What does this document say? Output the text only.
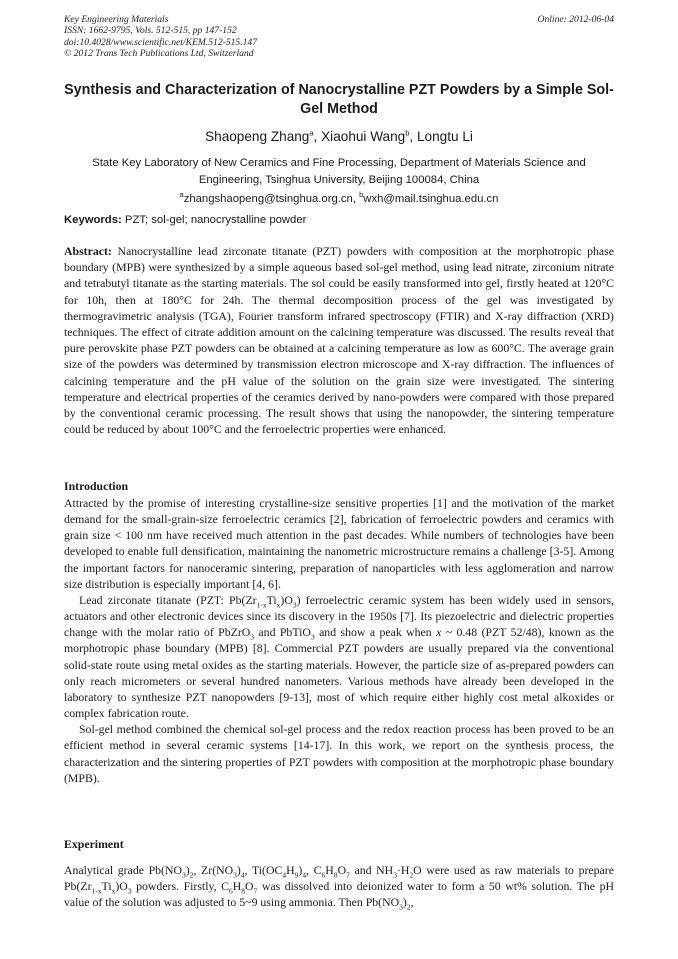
Key Engineering Materials
ISSN: 1662-9795, Vols. 512-515, pp 147-152
doi:10.4028/www.scientific.net/KEM.512-515.147
© 2012 Trans Tech Publications Ltd, Switzerland
Online: 2012-06-04
Synthesis and Characterization of Nanocrystalline PZT Powders by a Simple Sol-Gel Method
Shaopeng Zhang$^a$, Xiaohui Wang$^b$, Longtu Li
State Key Laboratory of New Ceramics and Fine Processing, Department of Materials Science and Engineering, Tsinghua University, Beijing 100084, China
$^a$zhangshaopeng@tsinghua.org.cn, $^b$wxh@mail.tsinghua.edu.cn
Keywords: PZT; sol-gel; nanocrystalline powder
Abstract: Nanocrystalline lead zirconate titanate (PZT) powders with composition at the morphotropic phase boundary (MPB) were synthesized by a simple aqueous based sol-gel method, using lead nitrate, zirconium nitrate and tetrabutyl titanate as the starting materials. The sol could be easily transformed into gel, firstly heated at 120°C for 10h, then at 180°C for 24h. The thermal decomposition process of the gel was investigated by thermogravimetric analysis (TGA), Fourier transform infrared spectroscopy (FTIR) and X-ray diffraction (XRD) techniques. The effect of citrate addition amount on the calcining temperature was discussed. The results reveal that pure perovskite phase PZT powders can be obtained at a calcining temperature as low as 600°C. The average grain size of the powders was determined by transmission electron microscope and X-ray diffraction. The influences of calcining temperature and the pH value of the solution on the grain size were investigated. The sintering temperature and electrical properties of the ceramics derived by nano-powders were compared with those prepared by the conventional ceramic processing. The result shows that using the nanopowder, the sintering temperature could be reduced by about 100°C and the ferroelectric properties were enhanced.
Introduction

Attracted by the promise of interesting crystalline-size sensitive properties [1] and the motivation of the market demand for the small-grain-size ferroelectric ceramics [2], fabrication of ferroelectric powders and ceramics with grain size < 100 nm have received much attention in the past decades. While numbers of technologies have been developed to enable full densification, maintaining the nanometric microstructure remains a challenge [3-5]. Among the important factors for nanoceramic sintering, preparation of nanoparticles with less agglomeration and narrow size distribution is especially important [4, 6].

Lead zirconate titanate (PZT: $Pb(Zr_{1-x}Ti_x)O_3$) ferroelectric ceramic system has been widely used in sensors, actuators and other electronic devices since its discovery in the 1950s [7]. Its piezoelectric and dielectric properties change with the molar ratio of PbZrO$_3$ and PbTiO$_3$ and show a peak when x ~ 0.48 (PZT 52/48), known as the morphotropic phase boundary (MPB) [8]. Commercial PZT powders are usually prepared via the conventional solid-state route using metal oxides as the starting materials. However, the particle size of as-prepared powders can only reach micrometers or several hundred nanometers. Various methods have already been developed in the laboratory to synthesize PZT nanopowders [9-13], most of which require either highly cost metal alkoxides or complex fabrication route.

Sol-gel method combined the chemical sol-gel process and the redox reaction process has been proved to be an efficient method in several ceramic systems [14-17]. In this work, we report on the synthesis process, the characterization and the sintering properties of PZT powders with composition at the morphotropic phase boundary (MPB).

Experiment

Analytical grade $Pb(NO_3)_2$, $Zr(NO_3)_4$, $Ti(OC_4H_9)_4$, $C_6H_8O_7$ and $NH_3\cdot H_2O$ were used as raw materials to prepare $Pb(Zr_{1-x}Ti_x)O_3$ powders. Firstly, $C_6H_8O_7$ was dissolved into deionized water to form a 50 wt% solution. The pH value of the solution was adjusted to 5~9 using ammonia. Then $Pb(NO_3)_2$,
